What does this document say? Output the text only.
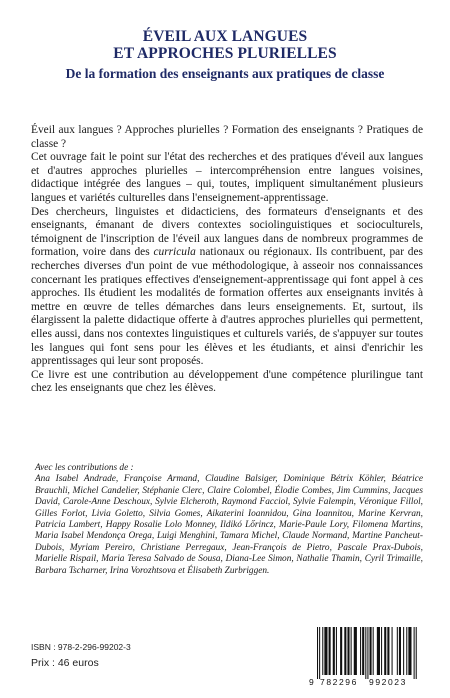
ÉVEIL AUX LANGUES
ET APPROCHES PLURIELLES
De la formation des enseignants aux pratiques de classe

Éveil aux langues ? Approches plurielles ? Formation des enseignants ? Pratiques de classe ?

Cet ouvrage fait le point sur l'état des recherches et des pratiques d'éveil aux langues et d'autres approches plurielles – intercompréhension entre langues voisines, didactique intégrée des langues – qui, toutes, impliquent simultanément plusieurs langues et variétés culturelles dans l'enseignement-apprentissage.

Des chercheurs, linguistes et didacticiens, des formateurs d'enseignants et des enseignants, émanant de divers contextes sociolinguistiques et socioculturels, témoignent de l'inscription de l'éveil aux langues dans de nombreux programmes de formation, voire dans des curricula nationaux ou régionaux. Ils contribuent, par des recherches diverses d'un point de vue méthodologique, à asseoir nos connaissances concernant les pratiques effectives d'enseignement-apprentissage qui font appel à ces approches. Ils étudient les modalités de formation offertes aux enseignants invités à mettre en œuvre de telles démarches dans leurs enseignements. Et, surtout, ils élargissent la palette didactique offerte à d'autres approches plurielles qui permettent, elles aussi, dans nos contextes linguistiques et culturels variés, de s'appuyer sur toutes les langues qui font sens pour les élèves et les étudiants, et ainsi d'enrichir les apprentissages qui leur sont proposés.

Ce livre est une contribution au développement d'une compétence plurilingue tant chez les enseignants que chez les élèves.

Avec les contributions de :

Ana Isabel Andrade, Françoise Armand, Claudine Balsiger, Dominique Bétrix Köhler, Béatrice Brauchli, Michel Candelier, Stéphanie Clerc, Claire Colombel, Élodie Combes, Jim Cummins, Jacques David, Carole-Anne Deschoux, Sylvie Elcheroth, Raymond Facciol, Sylvie Falempin, Véronique Fillol, Gilles Forlot, Livia Goletto, Silvia Gomes, Aikaterini Ioannidou, Gina Ioannitou, Marine Kervran, Patricia Lambert, Happy Rosalie Lolo Monney, Ildikó Lőrincz, Marie-Paule Lory, Filomena Martins, Maria Isabel Mendonça Orega, Luigi Menghini, Tamara Michel, Claude Normand, Martine Pancheut-Dubois, Myriam Pereiro, Christiane Perregaux, Jean-François de Pietro, Pascale Prax-Dubois, Marielle Rispail, Maria Teresa Salvado de Sousa, Diana-Lee Simon, Nathalie Thamin, Cyril Trimaille, Barbara Tscharner, Irina Vorozhtsova et Élisabeth Zurbriggen.

ISBN : 978-2-296-99202-3
Prix : 46 euros
9 782296 992023
